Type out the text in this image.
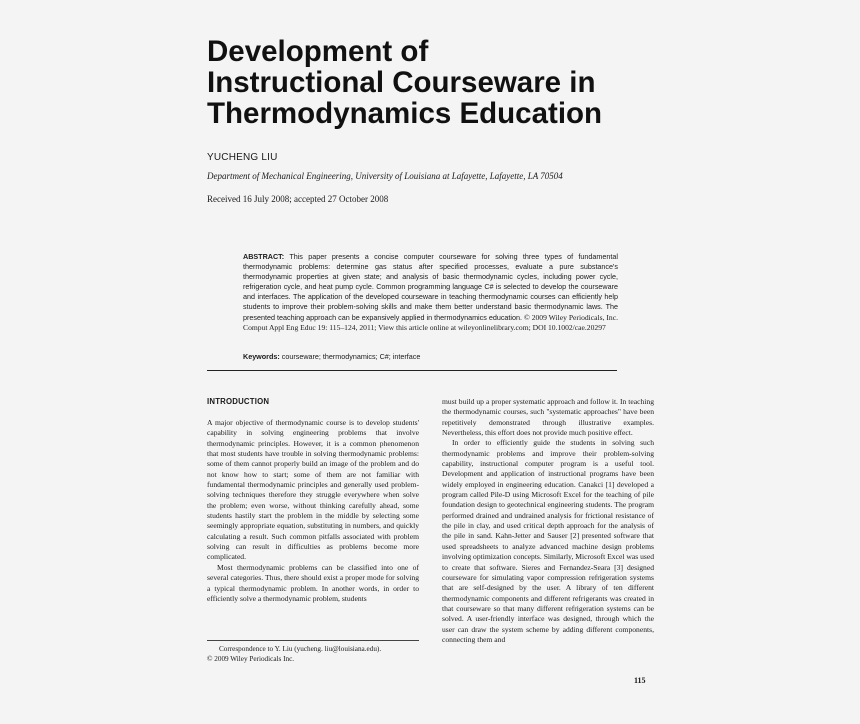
Development of
Instructional Courseware in
Thermodynamics Education
YUCHENG LIU
Department of Mechanical Engineering, University of Louisiana at Lafayette, Lafayette, LA 70504
Received 16 July 2008; accepted 27 October 2008
ABSTRACT: This paper presents a concise computer courseware for solving three types of fundamental thermodynamic problems: determine gas status after specified processes, evaluate a pure substance's thermodynamic properties at given state; and analysis of basic thermodynamic cycles, including power cycle, refrigeration cycle, and heat pump cycle. Common programming language C# is selected to develop the courseware and interfaces. The application of the developed courseware in teaching thermodynamic courses can efficiently help students to improve their problem-solving skills and make them better understand basic thermodynamic laws. The presented teaching approach can be expansively applied in thermodynamics education. © 2009 Wiley Periodicals, Inc. Comput Appl Eng Educ 19: 115–124, 2011; View this article online at wileyonlinelibrary.com; DOI 10.1002/cae.20297
Keywords: courseware; thermodynamics; C#; interface
INTRODUCTION

A major objective of thermodynamic course is to develop students' capability in solving engineering problems that involve thermodynamic principles. However, it is a common phenomenon that most students have trouble in solving thermodynamic problems: some of them cannot properly build an image of the problem and do not know how to start; some of them are not familiar with fundamental thermodynamic principles and generally used problem-solving techniques therefore they struggle everywhere when solve the problem; even worse, without thinking carefully ahead, some students hastily start the problem in the middle by selecting some seemingly appropriate equation, substituting in numbers, and quickly calculating a result. Such common pitfalls associated with problem solving can result in difficulties as problems become more complicated.

Most thermodynamic problems can be classified into one of several categories. Thus, there should exist a proper mode for solving a typical thermodynamic problem. In another words, in order to efficiently solve a thermodynamic problem, students

must build up a proper systematic approach and follow it. In teaching the thermodynamic courses, such "systematic approaches" have been repetitively demonstrated through illustrative examples. Nevertheless, this effort does not provide much positive effect.

In order to efficiently guide the students in solving such thermodynamic problems and improve their problem-solving capability, instructional computer program is a useful tool. Development and application of instructional programs have been widely employed in engineering education. Canakci [1] developed a program called Pile-D using Microsoft Excel for the teaching of pile foundation design to geotechnical engineering students. The program performed drained and undrained analysis for frictional resistance of the pile in clay, and used critical depth approach for the analysis of the pile in sand. Kahn-Jetter and Sauser [2] presented software that used spreadsheets to analyze advanced machine design problems involving optimization concepts. Similarly, Microsoft Excel was used to create that software. Sieres and Fernandez-Seara [3] designed courseware for simulating vapor compression refrigeration systems that are self-designed by the user. A library of ten different thermodynamic components and different refrigerants was created in that courseware so that many different refrigeration systems can be solved. A user-friendly interface was designed, through which the user can draw the system scheme by adding different components, connecting them and

Correspondence to Y. Liu (yucheng. liu@louisiana.edu).

© 2009 Wiley Periodicals Inc.

115
